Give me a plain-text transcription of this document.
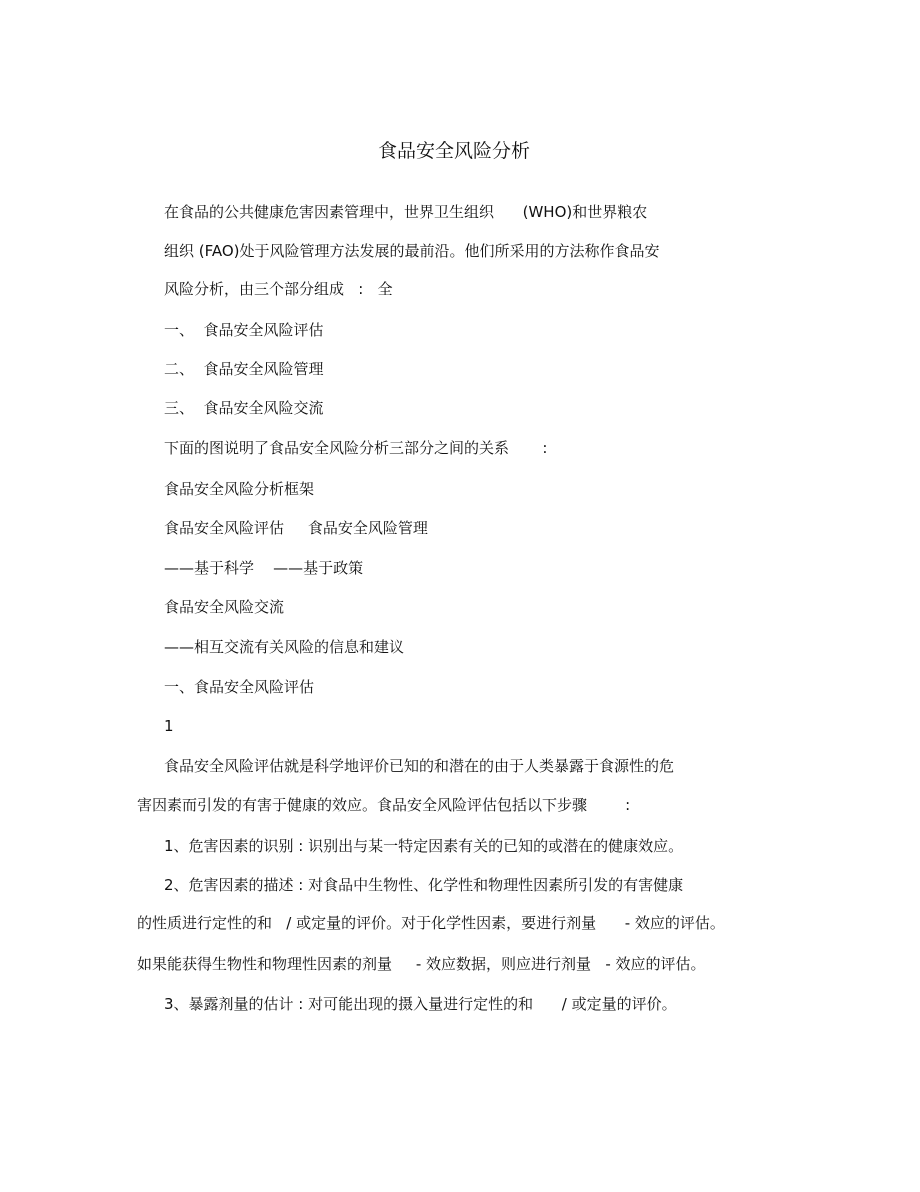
食品安全风险分析
在食品的公共健康危害因素管理中，世界卫生组织      (WHO)和世界粮农
组织 (FAO)处于风险管理方法发展的最前沿。他们所采用的方法称作食品安
风险分析，由三个部分组成   :   全
一、  食品安全风险评估
二、  食品安全风险管理
三、  食品安全风险交流
下面的图说明了食品安全风险分析三部分之间的关系       :
食品安全风险分析框架
食品安全风险评估     食品安全风险管理
——基于科学    ——基于政策
食品安全风险交流
——相互交流有关风险的信息和建议
一、食品安全风险评估
1
食品安全风险评估就是科学地评价已知的和潜在的由于人类暴露于食源性的危
害因素而引发的有害于健康的效应。食品安全风险评估包括以下步骤        :
1、危害因素的识别 : 识别出与某一特定因素有关的已知的或潜在的健康效应。
2、危害因素的描述 : 对食品中生物性、化学性和物理性因素所引发的有害健康
的性质进行定性的和   / 或定量的评价。对于化学性因素，要进行剂量      - 效应的评估。
如果能获得生物性和物理性因素的剂量     - 效应数据，则应进行剂量   - 效应的评估。
3、暴露剂量的估计 : 对可能出现的摄入量进行定性的和      / 或定量的评价。
